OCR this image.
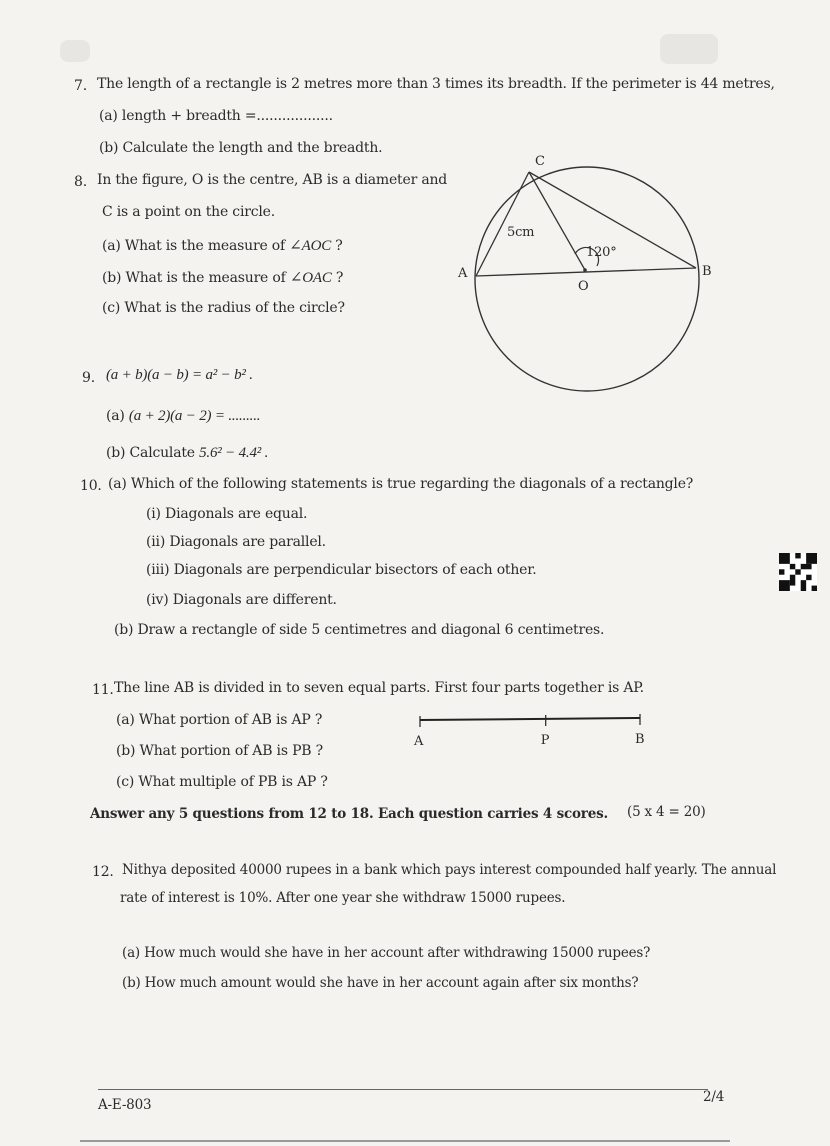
7. The length of a rectangle is 2 metres more than 3 times its breadth. If the perimeter is 44 metres,
(a) length + breadth =..................
(b) Calculate the length and the breadth.
8. In the figure, O is the centre, AB is a diameter and
C is a point on the circle.
(a) What is the measure of ∠AOC ?
(b) What is the measure of ∠OAC ?
(c) What is the radius of the circle?
C
A	B
O
5cm
120°
9. (a + b)(a − b) = a² − b² .
(a) (a + 2)(a − 2) = .........
(b) Calculate 5.6² − 4.4² .
10. (a) Which of the following statements is true regarding the diagonals of a rectangle?
(i) Diagonals are equal.
(ii) Diagonals are parallel.
(iii) Diagonals are perpendicular bisectors of each other.
(iv) Diagonals are different.
(b) Draw a rectangle of side 5 centimetres and diagonal 6 centimetres.
11. The line AB is divided in to seven equal parts. First four parts together is AP.
(a) What portion of AB is AP ?
(b) What portion of AB is PB ?
(c) What multiple of PB is AP ?
A	P	B
Answer any 5 questions from 12 to 18. Each question carries 4 scores. (5 x 4 = 20)
12. Nithya deposited 40000 rupees in a bank which pays interest compounded half yearly. The annual
rate of interest is 10%. After one year she withdraw 15000 rupees.
(a) How much would she have in her account after withdrawing 15000 rupees?
(b) How much amount would she have in her account again after six months?
A-E-803	2/4
